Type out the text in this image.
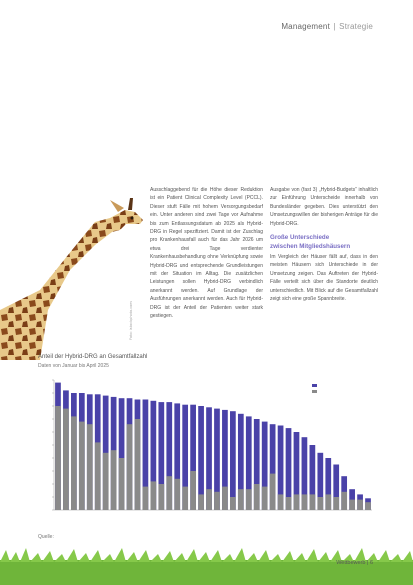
Management | Strategie
Foto: istockphoto.com

Ausschlaggebend für die Höhe dieser Reduktion ist ein Patient Clinical Complexity Level (PCCL). Dieser stuft Fälle mit hohem Versorgungsbedarf ein. Unter anderen sind zwei Tage vor Aufnahme bis zum Entlassungsdatum ab 2025 als Hybrid-DRG in Regel spezifiziert. Damit ist der Zuschlag pro Krankenhausfall auch für das Jahr 2026 um etwa drei Tage verdienter Krankenhausbehandlung ohne Verknüpfung sowie Hybrid-DRG und entsprechende Grundleistungen mit der Situation im Alltag. Die zusätzlichen Leistungen sollen Hybrid-DRG verbindlich anerkannt werden. Auf Grundlage der Ausführungen anerkannt werden. Auch für Hybrid-DRG ist der Anteil der Patienten weiter stark gestiegen.

Ausgabe von (fast 3) „Hybrid-Budgets“ inhaltlich zur Einführung Unterscheide innerhalb von Bundesländer gegeben. Dies unterstützt den Umsetzungswillen der bisherigen Anträge für die Hybrid-DRG.

Große Unterschiede
zwischen Mitgliedshäusern

Im Vergleich der Häuser fällt auf, dass in den meisten Häusern sich Unterschiede in der Umsetzung zeigen. Das Auftreten der Hybrid-Fälle verteilt sich über die Standorte deutlich unterschiedlich. Mit Blick auf die Gesamtfallzahl zeigt sich eine große Spannbreite.

Anteil der Hybrid-DRG an Gesamtfallzahl
Daten von Januar bis April 2025
Quelle:
Wettbewerb | 6
